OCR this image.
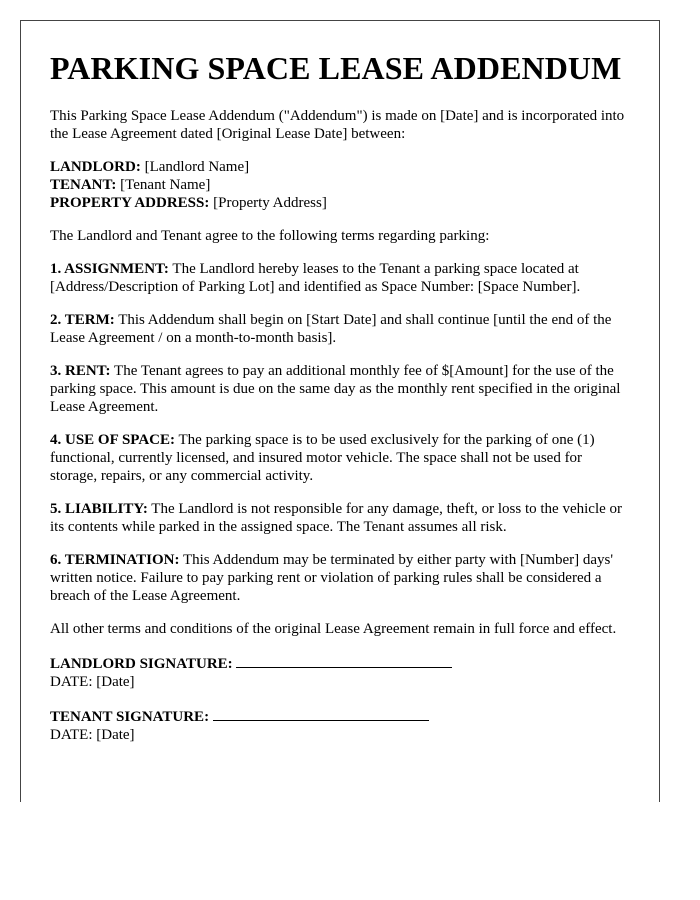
PARKING SPACE LEASE ADDENDUM

This Parking Space Lease Addendum ("Addendum") is made on [Date] and is incorporated into the Lease Agreement dated [Original Lease Date] between:

LANDLORD: [Landlord Name]
TENANT: [Tenant Name]
PROPERTY ADDRESS: [Property Address]

The Landlord and Tenant agree to the following terms regarding parking:

1. ASSIGNMENT: The Landlord hereby leases to the Tenant a parking space located at [Address/Description of Parking Lot] and identified as Space Number: [Space Number].

2. TERM: This Addendum shall begin on [Start Date] and shall continue [until the end of the Lease Agreement / on a month-to-month basis].

3. RENT: The Tenant agrees to pay an additional monthly fee of $[Amount] for the use of the parking space. This amount is due on the same day as the monthly rent specified in the original Lease Agreement.

4. USE OF SPACE: The parking space is to be used exclusively for the parking of one (1) functional, currently licensed, and insured motor vehicle. The space shall not be used for storage, repairs, or any commercial activity.

5. LIABILITY: The Landlord is not responsible for any damage, theft, or loss to the vehicle or its contents while parked in the assigned space. The Tenant assumes all risk.

6. TERMINATION: This Addendum may be terminated by either party with [Number] days' written notice. Failure to pay parking rent or violation of parking rules shall be considered a breach of the Lease Agreement.

All other terms and conditions of the original Lease Agreement remain in full force and effect.

LANDLORD SIGNATURE:
DATE: [Date]

TENANT SIGNATURE:
DATE: [Date]
